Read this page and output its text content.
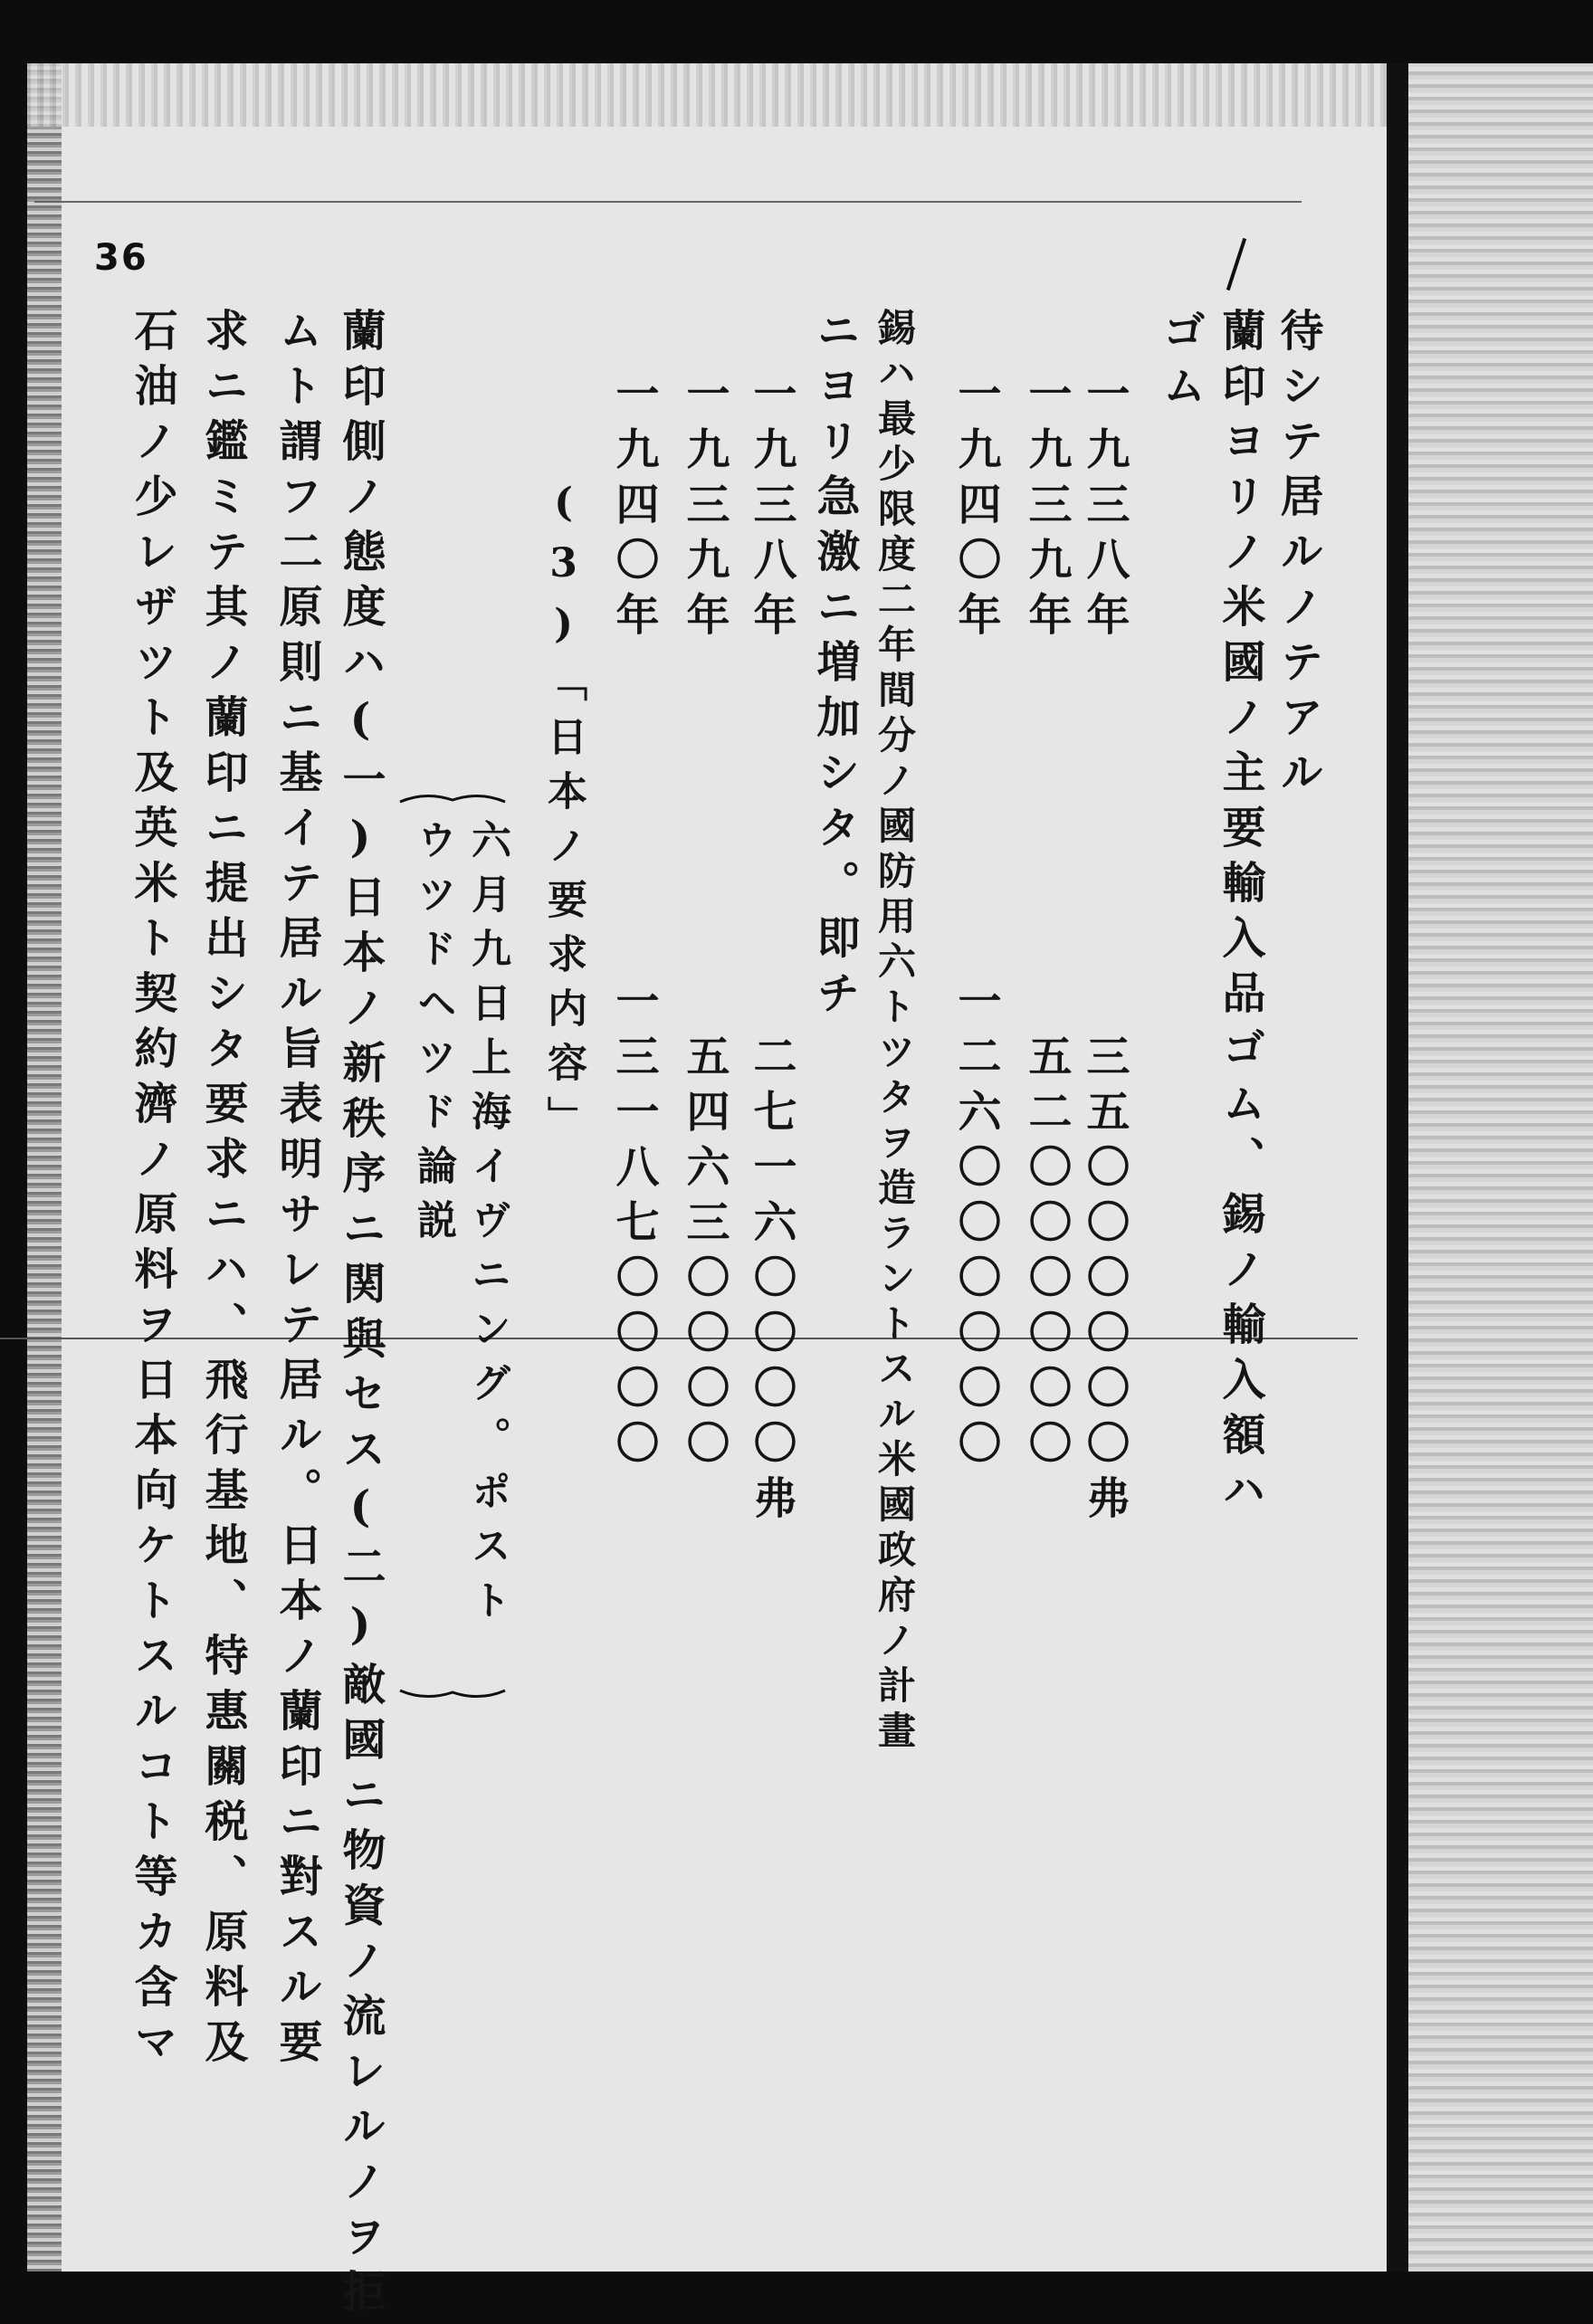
36
待シテ居ルノテアル
蘭印ヨリノ米國ノ主要輸入品ゴム、錫ノ輸入額ハ
ゴム
一九三八年　　　　　　　三五〇〇〇〇〇〇弗
一九三九年　　　　　　　五二〇〇〇〇〇〇
一九四〇年　　　　　　一二六〇〇〇〇〇〇
錫ハ最少限度二年間分ノ國防用六トツタヲ造ラントスル米國政府ノ計畫
ニヨリ急激ニ増加シタ。即チ
一九三八年　　　　　　　二七一六〇〇〇〇弗
一九三九年　　　　　　　五四六三〇〇〇〇
一九四〇年　　　　　　一三一八七〇〇〇〇
(3)「日本ノ要求内容」
六月九日上海イヴニング。ポスト
ウツドヘツド論説
蘭印側ノ態度ハ(一)日本ノ新秩序ニ関與セス(二)敵國ニ物資ノ流レルノヲ拒
ムト謂フ二原則ニ基イテ居ル旨表明サレテ居ル。日本ノ蘭印ニ對スル要
求ニ鑑ミテ其ノ蘭印ニ提出シタ要求ニハ、飛行基地、特惠關税、原料及
石油ノ少レザツト及英米ト契約濟ノ原料ヲ日本向ケトスルコト等カ含マ
